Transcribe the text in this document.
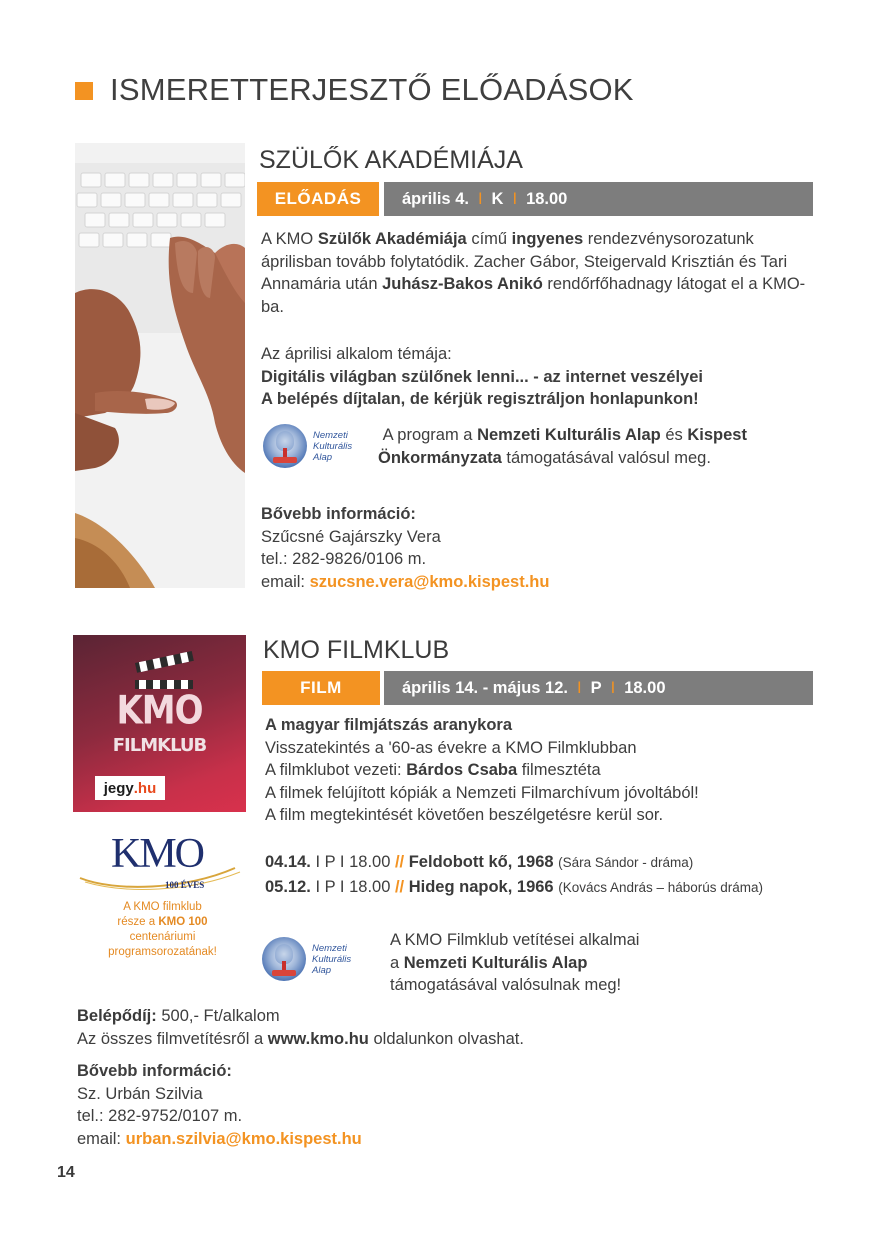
ISMERETTERJESZTŐ ELŐADÁSOK
SZÜLŐK AKADÉMIÁJA
ELŐADÁS	április 4. I K I 18.00
A KMO Szülők Akadémiája című ingyenes rendezvénysorozatunk áprilisban tovább folytatódik. Zacher Gábor, Steigervald Krisztián és Tari Annamária után Juhász-Bakos Anikó rendőrfőhadnagy látogat el a KMO-ba.
Az áprilisi alkalom témája:
Digitális világban szülőnek lenni... - az internet veszélyei
A belépés díjtalan, de kérjük regisztráljon honlapunkon!
Nemzeti
Kulturális
Alap
A program a Nemzeti Kulturális Alap és Kispest Önkormányzata támogatásával valósul meg.
Bővebb információ:
Szűcsné Gajárszky Vera
tel.: 282-9826/0106 m.
email: szucsne.vera@kmo.kispest.hu
KMO
FILMKLUB
jegy .hu
KMO
100 ÉVES
A KMO filmklub
része a KMO 100
centenáriumi
programsorozatának!
KMO FILMKLUB
FILM	április 14. - május 12. I P I 18.00
A magyar filmjátszás aranykora
Visszatekintés a '60-as évekre a KMO Filmklubban
A filmklubot vezeti: Bárdos Csaba filmesztéta
A filmek felújított kópiák a Nemzeti Filmarchívum jóvoltából!
A film megtekintését követően beszélgetésre kerül sor.
04.14. I P I 18.00 // Feldobott kő, 1968 (Sára Sándor - dráma)
05.12. I P I 18.00 // Hideg napok, 1966 (Kovács András – háborús dráma)
Nemzeti
Kulturális
Alap
A KMO Filmklub vetítései alkalmai
a Nemzeti Kulturális Alap
támogatásával valósulnak meg!
Belépődíj: 500,- Ft/alkalom
Az összes filmvetítésről a www.kmo.hu oldalunkon olvashat.
Bővebb információ:
Sz. Urbán Szilvia
tel.: 282-9752/0107 m.
email: urban.szilvia@kmo.kispest.hu
14
